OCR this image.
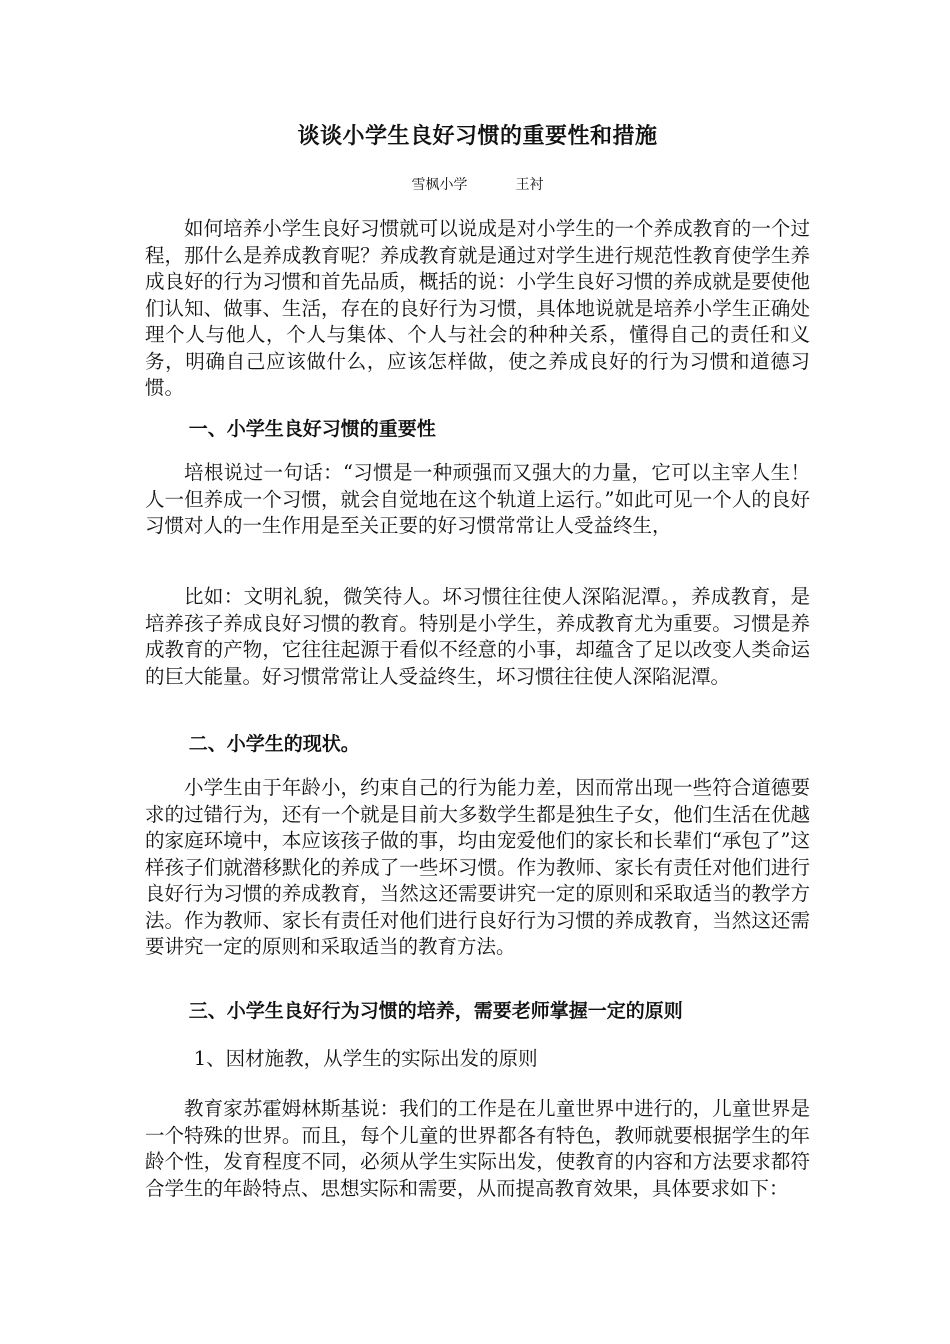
谈谈小学生良好习惯的重要性和措施
雪枫小学	王衬

如何培养小学生良好习惯就可以说成是对小学生的一个养成教育的一个过程，那什么是养成教育呢？养成教育就是通过对学生进行规范性教育使学生养成良好的行为习惯和首先品质，概括的说：小学生良好习惯的养成就是要使他们认知、做事、生活，存在的良好行为习惯，具体地说就是培养小学生正确处理个人与他人，个人与集体、个人与社会的种种关系，懂得自己的责任和义务，明确自己应该做什么，应该怎样做，使之养成良好的行为习惯和道德习惯。

一、小学生良好习惯的重要性

培根说过一句话：“习惯是一种顽强而又强大的力量，它可以主宰人生！人一但养成一个习惯，就会自觉地在这个轨道上运行。”如此可见一个人的良好习惯对人的一生作用是至关正要的好习惯常常让人受益终生，

比如：文明礼貌，微笑待人。坏习惯往往使人深陷泥潭。，养成教育，是培养孩子养成良好习惯的教育。特别是小学生，养成教育尤为重要。习惯是养成教育的产物，它往往起源于看似不经意的小事，却蕴含了足以改变人类命运的巨大能量。好习惯常常让人受益终生，坏习惯往往使人深陷泥潭。

二、小学生的现状。

小学生由于年龄小，约束自己的行为能力差，因而常出现一些符合道德要求的过错行为，还有一个就是目前大多数学生都是独生子女，他们生活在优越的家庭环境中，本应该孩子做的事，均由宠爱他们的家长和长辈们“承包了”这样孩子们就潜移默化的养成了一些坏习惯。作为教师、家长有责任对他们进行良好行为习惯的养成教育，当然这还需要讲究一定的原则和采取适当的教学方法。作为教师、家长有责任对他们进行良好行为习惯的养成教育，当然这还需要讲究一定的原则和采取适当的教育方法。

三、小学生良好行为习惯的培养，需要老师掌握一定的原则

1、因材施教，从学生的实际出发的原则

教育家苏霍姆林斯基说：我们的工作是在儿童世界中进行的，儿童世界是一个特殊的世界。而且，每个儿童的世界都各有特色，教师就要根据学生的年龄个性，发育程度不同，必须从学生实际出发，使教育的内容和方法要求都符合学生的年龄特点、思想实际和需要，从而提高教育效果，具体要求如下：
